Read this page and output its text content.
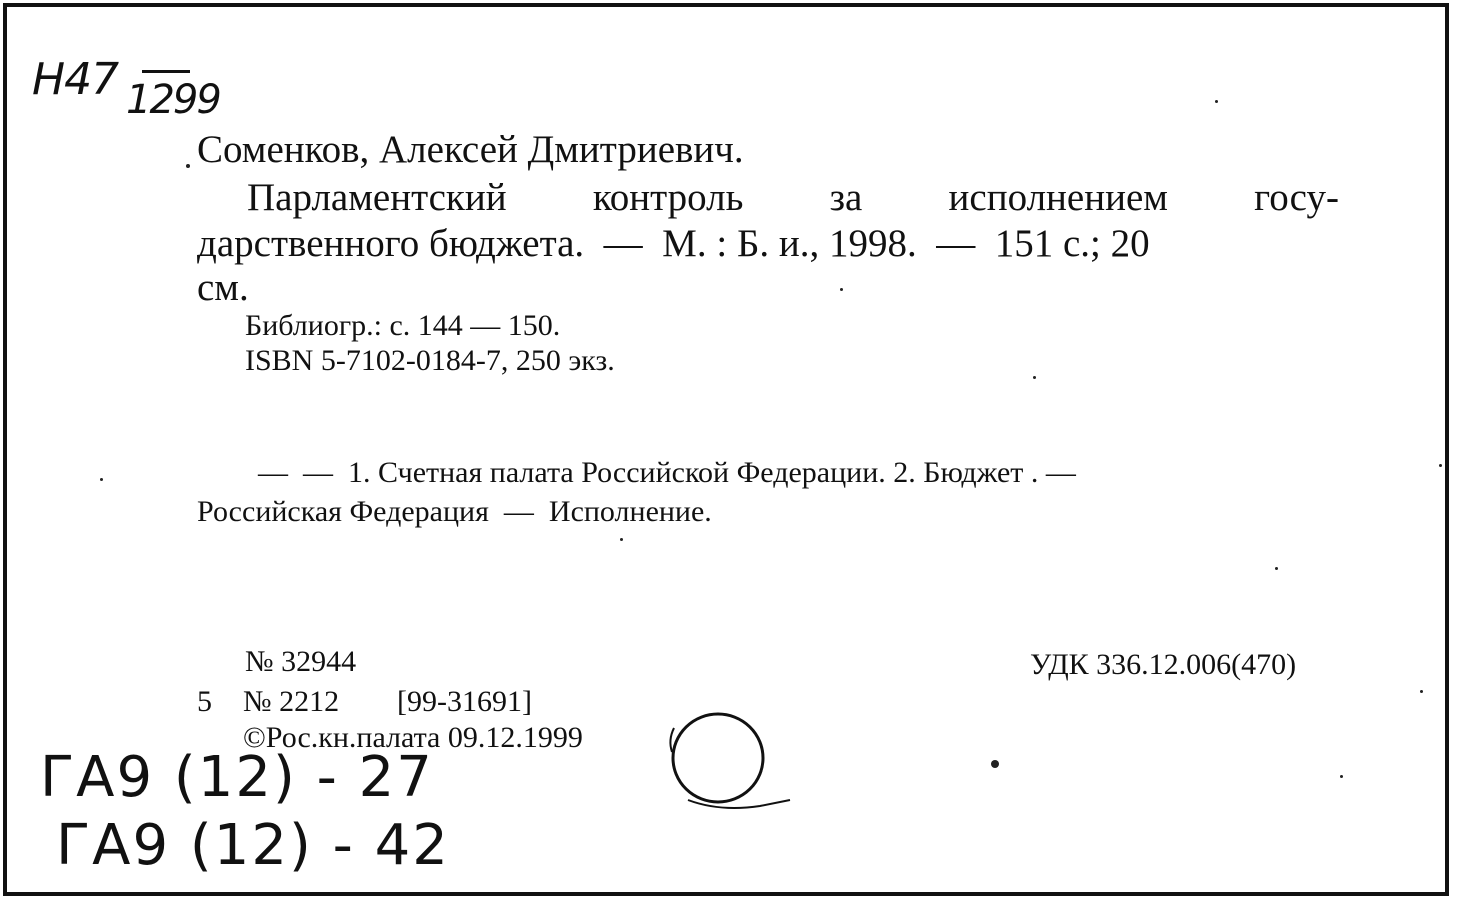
Н47 1299
Соменков, Алексей Дмитриевич.
Парламентский контроль за исполнением госу-
дарственного бюджета.  —  М. : Б. и., 1998.  —  151 с.; 20
см.
Библиогр.: с. 144 — 150.
ISBN 5-7102-0184-7, 250 экз.
—  —  1. Счетная палата Российской Федерации. 2. Бюджет . —
Российская Федерация  —  Исполнение.
№ 32944	УДК 336.12.006(470)
5 № 2212 [99-31691]
©Рос.кн.палата 09.12.1999
ГА9 (12) - 27
ГА9 (12) - 42
